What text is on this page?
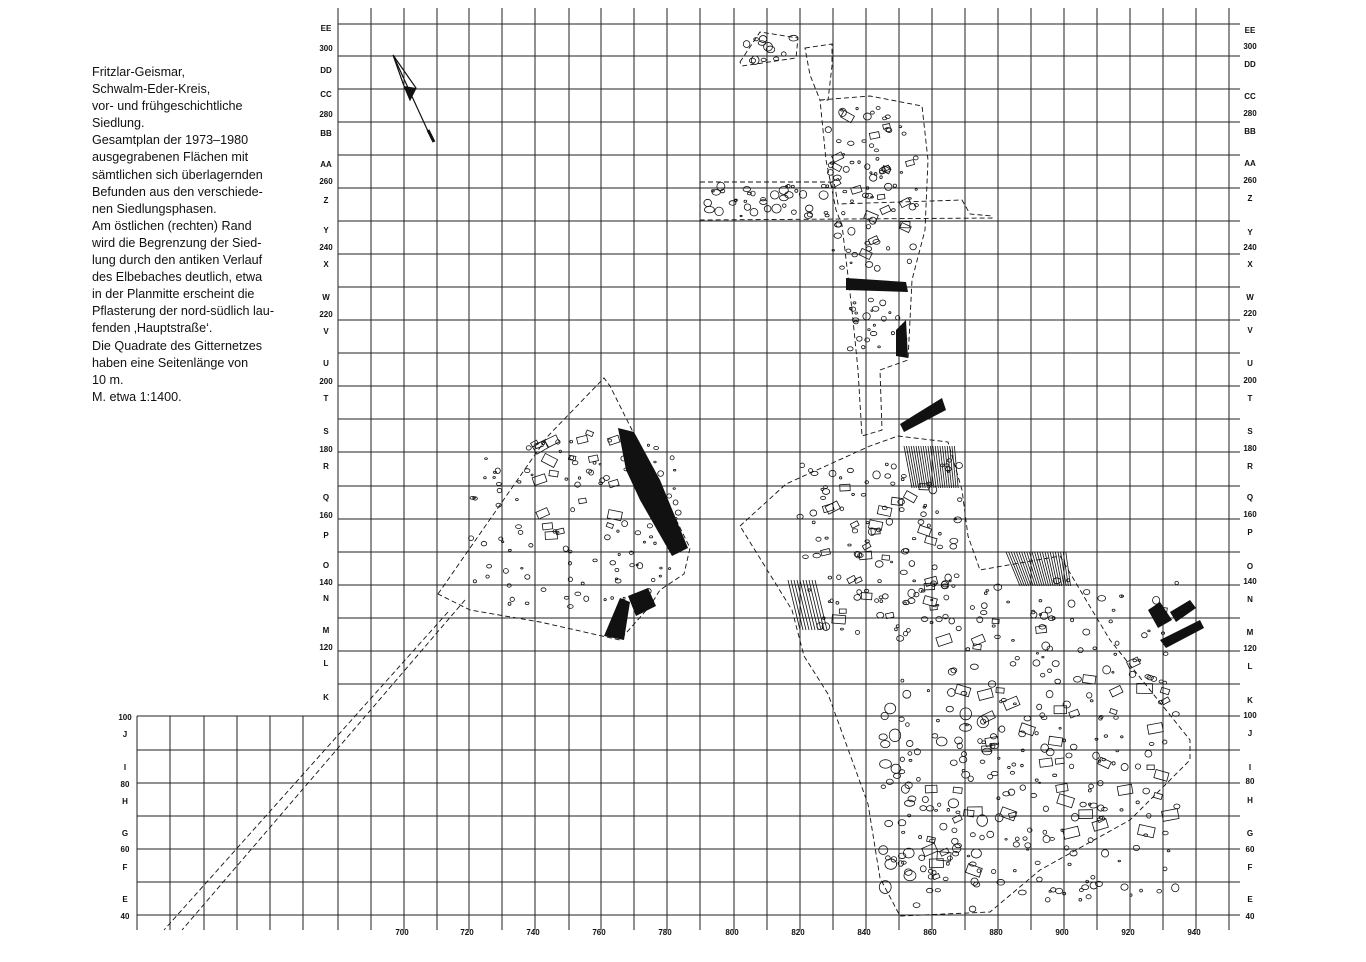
Fritzlar-Geismar,
Schwalm-Eder-Kreis,
vor- und frühgeschichtliche
Siedlung.
Gesamtplan der 1973–1980
ausgegrabenen Flächen mit
sämtlichen sich überlagernden
Befunden aus den verschiede-
nen Siedlungsphasen.
Am östlichen (rechten) Rand
wird die Begrenzung der Sied-
lung durch den antiken Verlauf
des Elbebaches deutlich, etwa
in der Planmitte erscheint die
Pflasterung der nord-südlich lau-
fenden ‚Hauptstraße‘.
Die Quadrate des Gitternetzes
haben eine Seitenlänge von
10 m.
M. etwa 1:1400.
EE
300
DD
CC
280
BB
AA
260
Z
Y
240
X
W
220
V
U
200
T
S
180
R
Q
160
P
O
140
N
M
120
L
K
100
J
I
80
H
G
60
F
E
40
EE
300
DD
CC
280
BB
AA
260
Z
Y
240
X
W
220
V
U
200
T
S
180
R
Q
160
P
O
140
N
M
120
L
K
100
J
I
80
H
G
60
F
E
40
700	720	740	760	780	800	820	840	860	880	900	920	940
